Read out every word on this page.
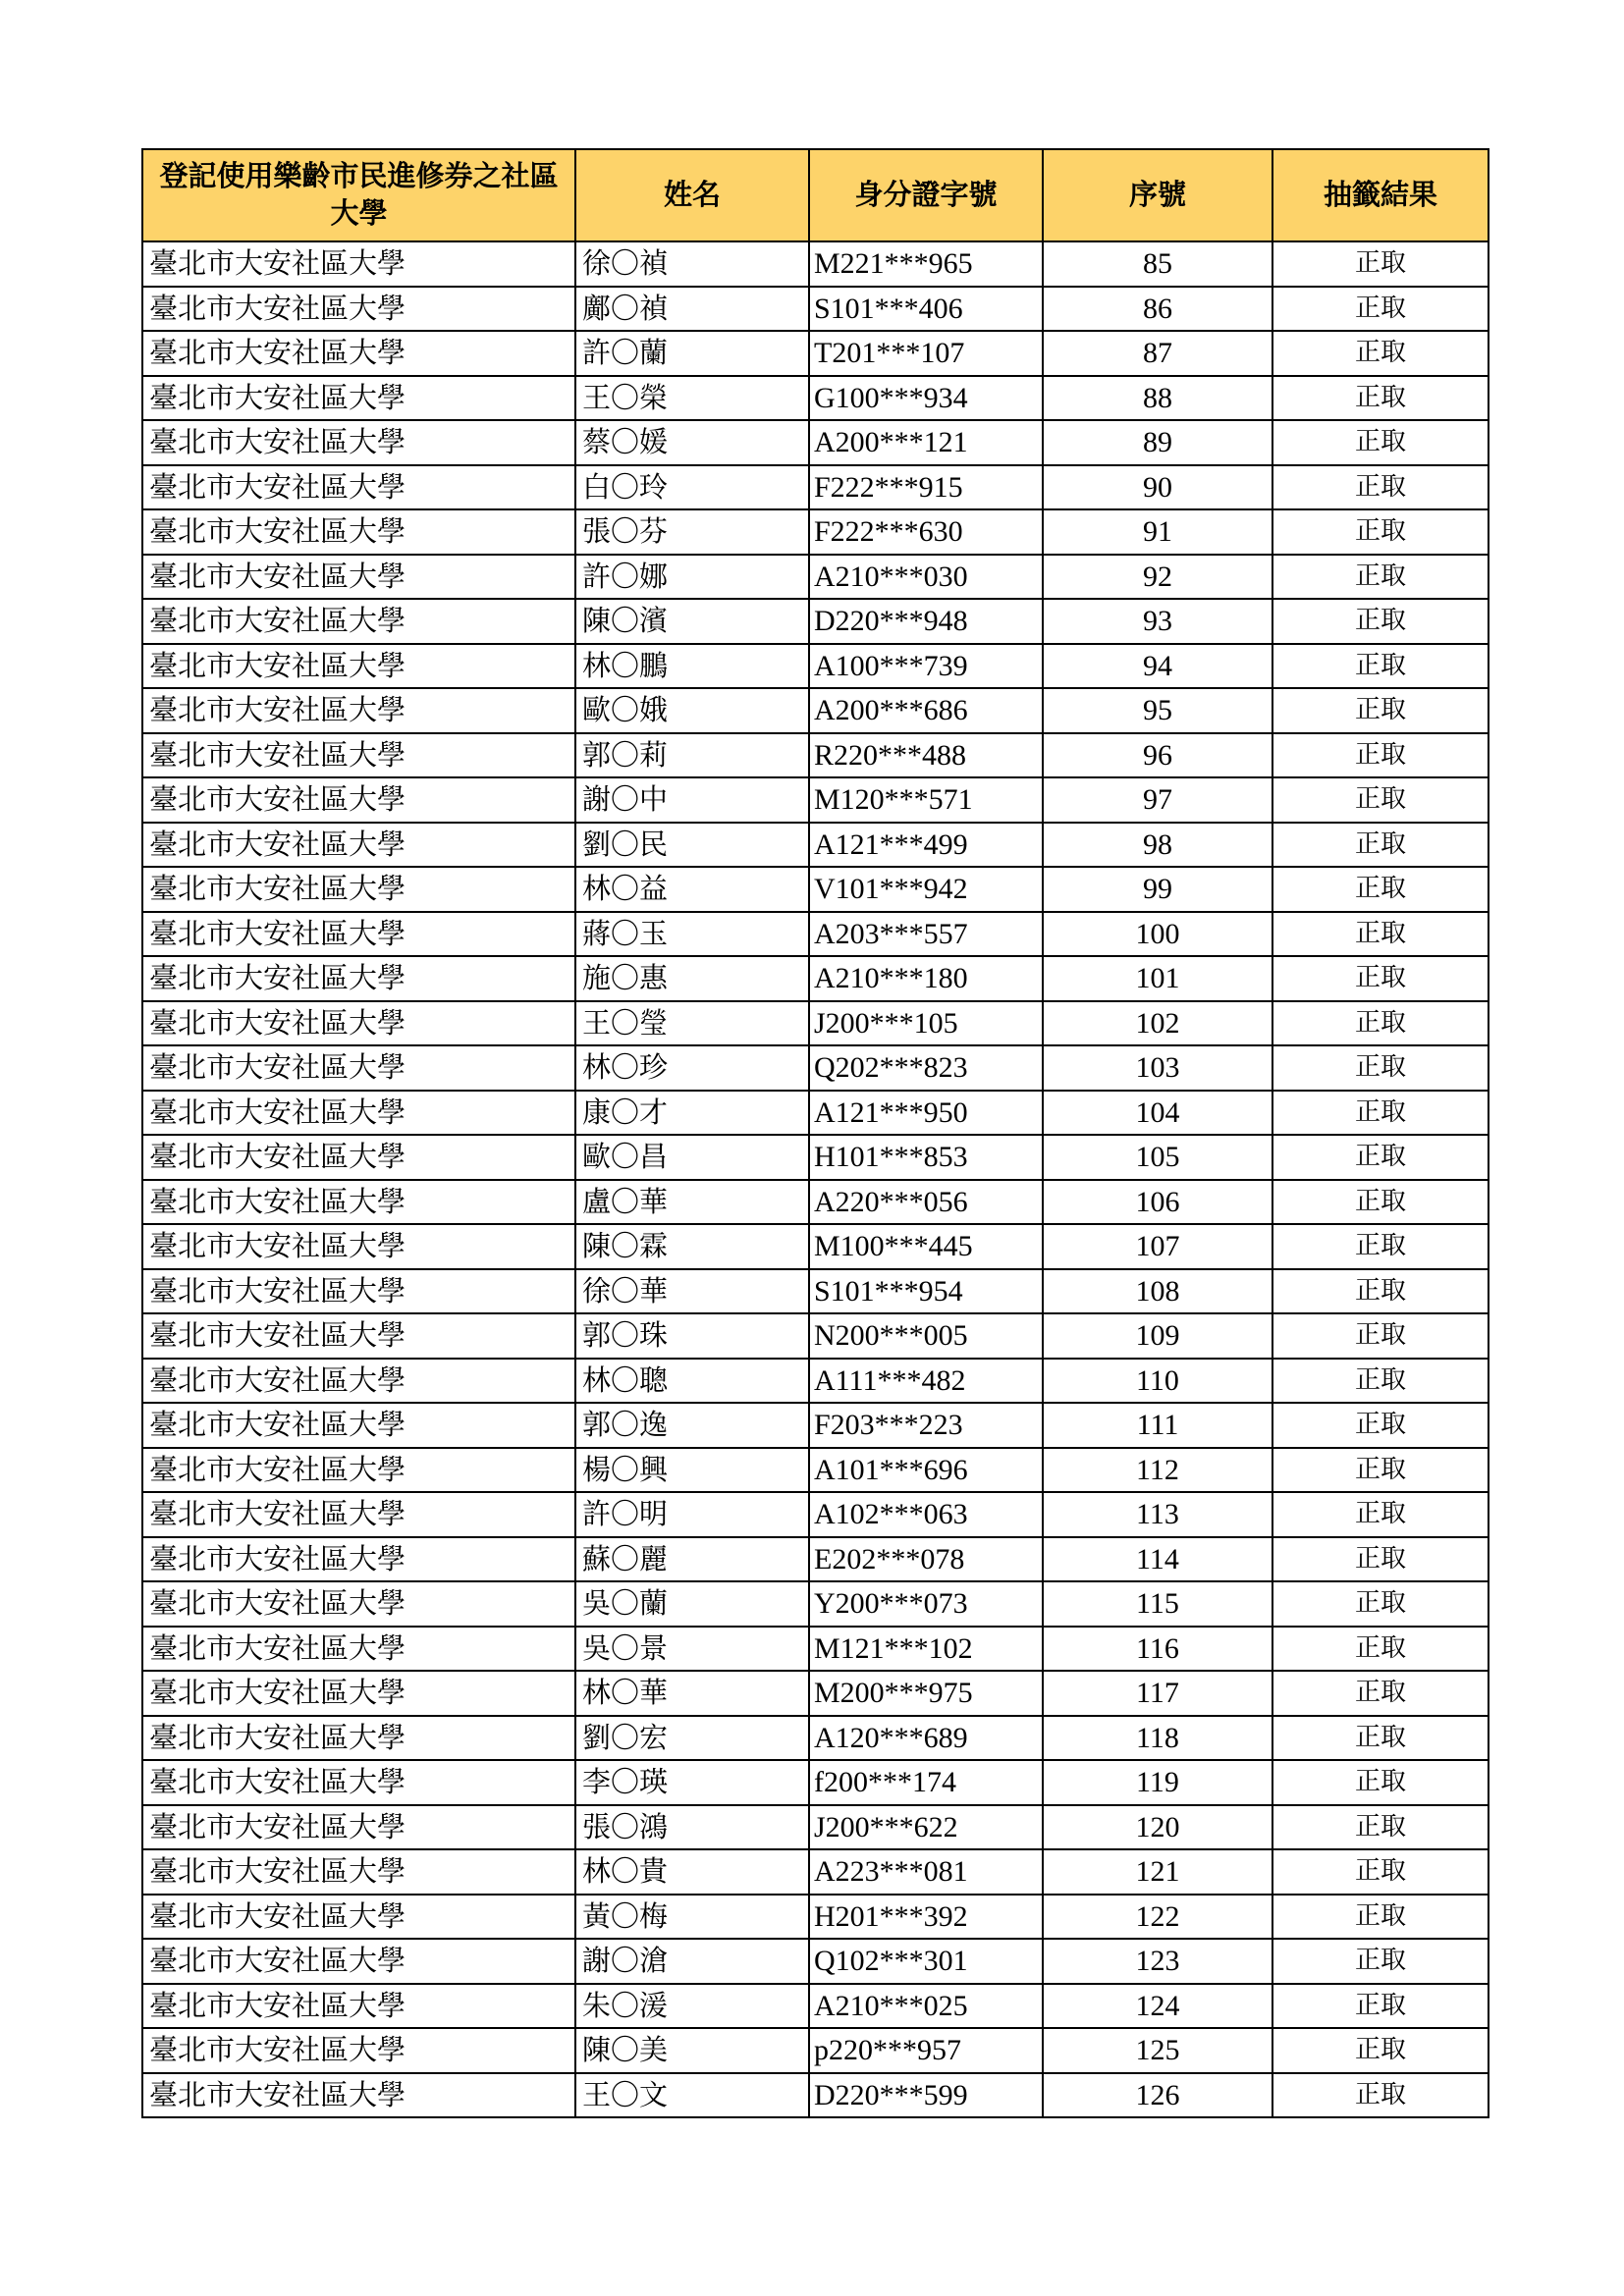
登記使用樂齡市民進修券之社區大學	姓名	身分證字號	序號	抽籤結果
臺北市大安社區大學	徐〇禎	M221***965	85	正取
臺北市大安社區大學	鄺〇禎	S101***406	86	正取
臺北市大安社區大學	許〇蘭	T201***107	87	正取
臺北市大安社區大學	王〇榮	G100***934	88	正取
臺北市大安社區大學	蔡〇媛	A200***121	89	正取
臺北市大安社區大學	白〇玲	F222***915	90	正取
臺北市大安社區大學	張〇芬	F222***630	91	正取
臺北市大安社區大學	許〇娜	A210***030	92	正取
臺北市大安社區大學	陳〇濱	D220***948	93	正取
臺北市大安社區大學	林〇鵬	A100***739	94	正取
臺北市大安社區大學	歐〇娥	A200***686	95	正取
臺北市大安社區大學	郭〇莉	R220***488	96	正取
臺北市大安社區大學	謝〇中	M120***571	97	正取
臺北市大安社區大學	劉〇民	A121***499	98	正取
臺北市大安社區大學	林〇益	V101***942	99	正取
臺北市大安社區大學	蔣〇玉	A203***557	100	正取
臺北市大安社區大學	施〇惠	A210***180	101	正取
臺北市大安社區大學	王〇瑩	J200***105	102	正取
臺北市大安社區大學	林〇珍	Q202***823	103	正取
臺北市大安社區大學	康〇才	A121***950	104	正取
臺北市大安社區大學	歐〇昌	H101***853	105	正取
臺北市大安社區大學	盧〇華	A220***056	106	正取
臺北市大安社區大學	陳〇霖	M100***445	107	正取
臺北市大安社區大學	徐〇華	S101***954	108	正取
臺北市大安社區大學	郭〇珠	N200***005	109	正取
臺北市大安社區大學	林〇聰	A111***482	110	正取
臺北市大安社區大學	郭〇逸	F203***223	111	正取
臺北市大安社區大學	楊〇興	A101***696	112	正取
臺北市大安社區大學	許〇明	A102***063	113	正取
臺北市大安社區大學	蘇〇麗	E202***078	114	正取
臺北市大安社區大學	吳〇蘭	Y200***073	115	正取
臺北市大安社區大學	吳〇景	M121***102	116	正取
臺北市大安社區大學	林〇華	M200***975	117	正取
臺北市大安社區大學	劉〇宏	A120***689	118	正取
臺北市大安社區大學	李〇瑛	f200***174	119	正取
臺北市大安社區大學	張〇鴻	J200***622	120	正取
臺北市大安社區大學	林〇貴	A223***081	121	正取
臺北市大安社區大學	黃〇梅	H201***392	122	正取
臺北市大安社區大學	謝〇滄	Q102***301	123	正取
臺北市大安社區大學	朱〇湲	A210***025	124	正取
臺北市大安社區大學	陳〇美	p220***957	125	正取
臺北市大安社區大學	王〇文	D220***599	126	正取
